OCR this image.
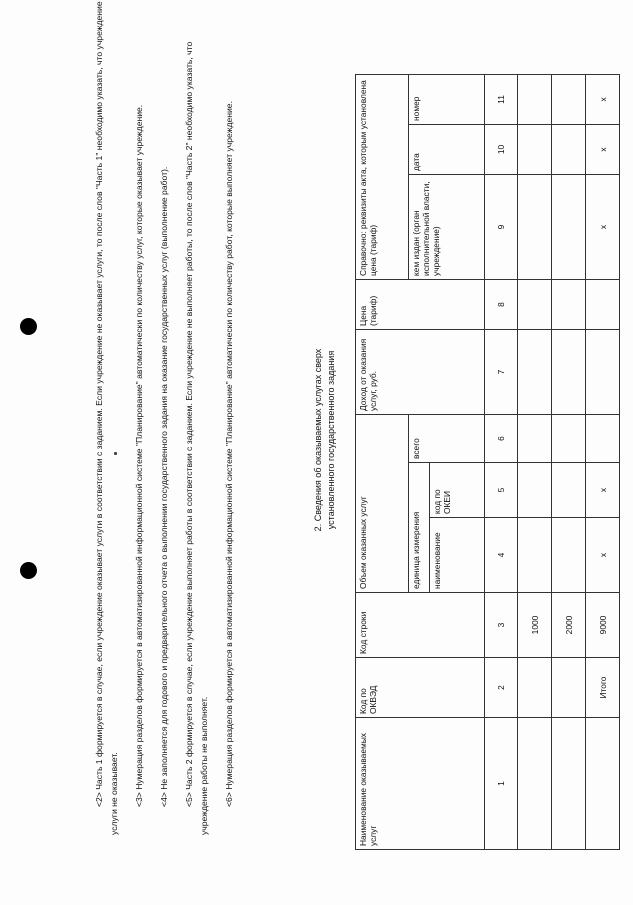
<2> Часть 1 формируется в случае, если учреждение оказывает услуги в соответствии с заданием. Если учреждение не оказывает услуги, то после слов "Часть 1" необходимо указать, что учреждение услуги не оказывает.	<3> Нумерация разделов формируется в автоматизированной информационной системе "Планирование" автоматически по количеству услуг, которые оказывает учреждение.	<4> Не заполняется для годового и предварительного отчета о выполнении государственного задания на оказание государственных услуг (выполнение работ).	<5> Часть 2 формируется в случае, если учреждение выполняет работы в соответствии с заданием. Если учреждение не выполняет работы, то после слов "Часть 2" необходимо указать, что учреждение работы не выполняет.	<6> Нумерация разделов формируется в автоматизированной информационной системе "Планирование" автоматически по количеству работ, которые выполняет учреждение.	2. Сведения об оказываемых услугах сверх установленного государственного задания
Наименование оказываемых услуг	Код по ОКВЭД	Код строки	Объем оказанных услуг			Доход от оказания услуг, руб.	Цена (тариф)	Справочно: реквизиты акта, которым установлена цена (тариф)		
			единица измерения		всего			кем издан (орган исполнительной власти, учреждение)	дата	номер
			наименование	код по ОКЕИ						
1	2	3	4	5	6	7	8	9	10	11
		1000								
		2000								
	Итого	9000	x	x				x	x	x
